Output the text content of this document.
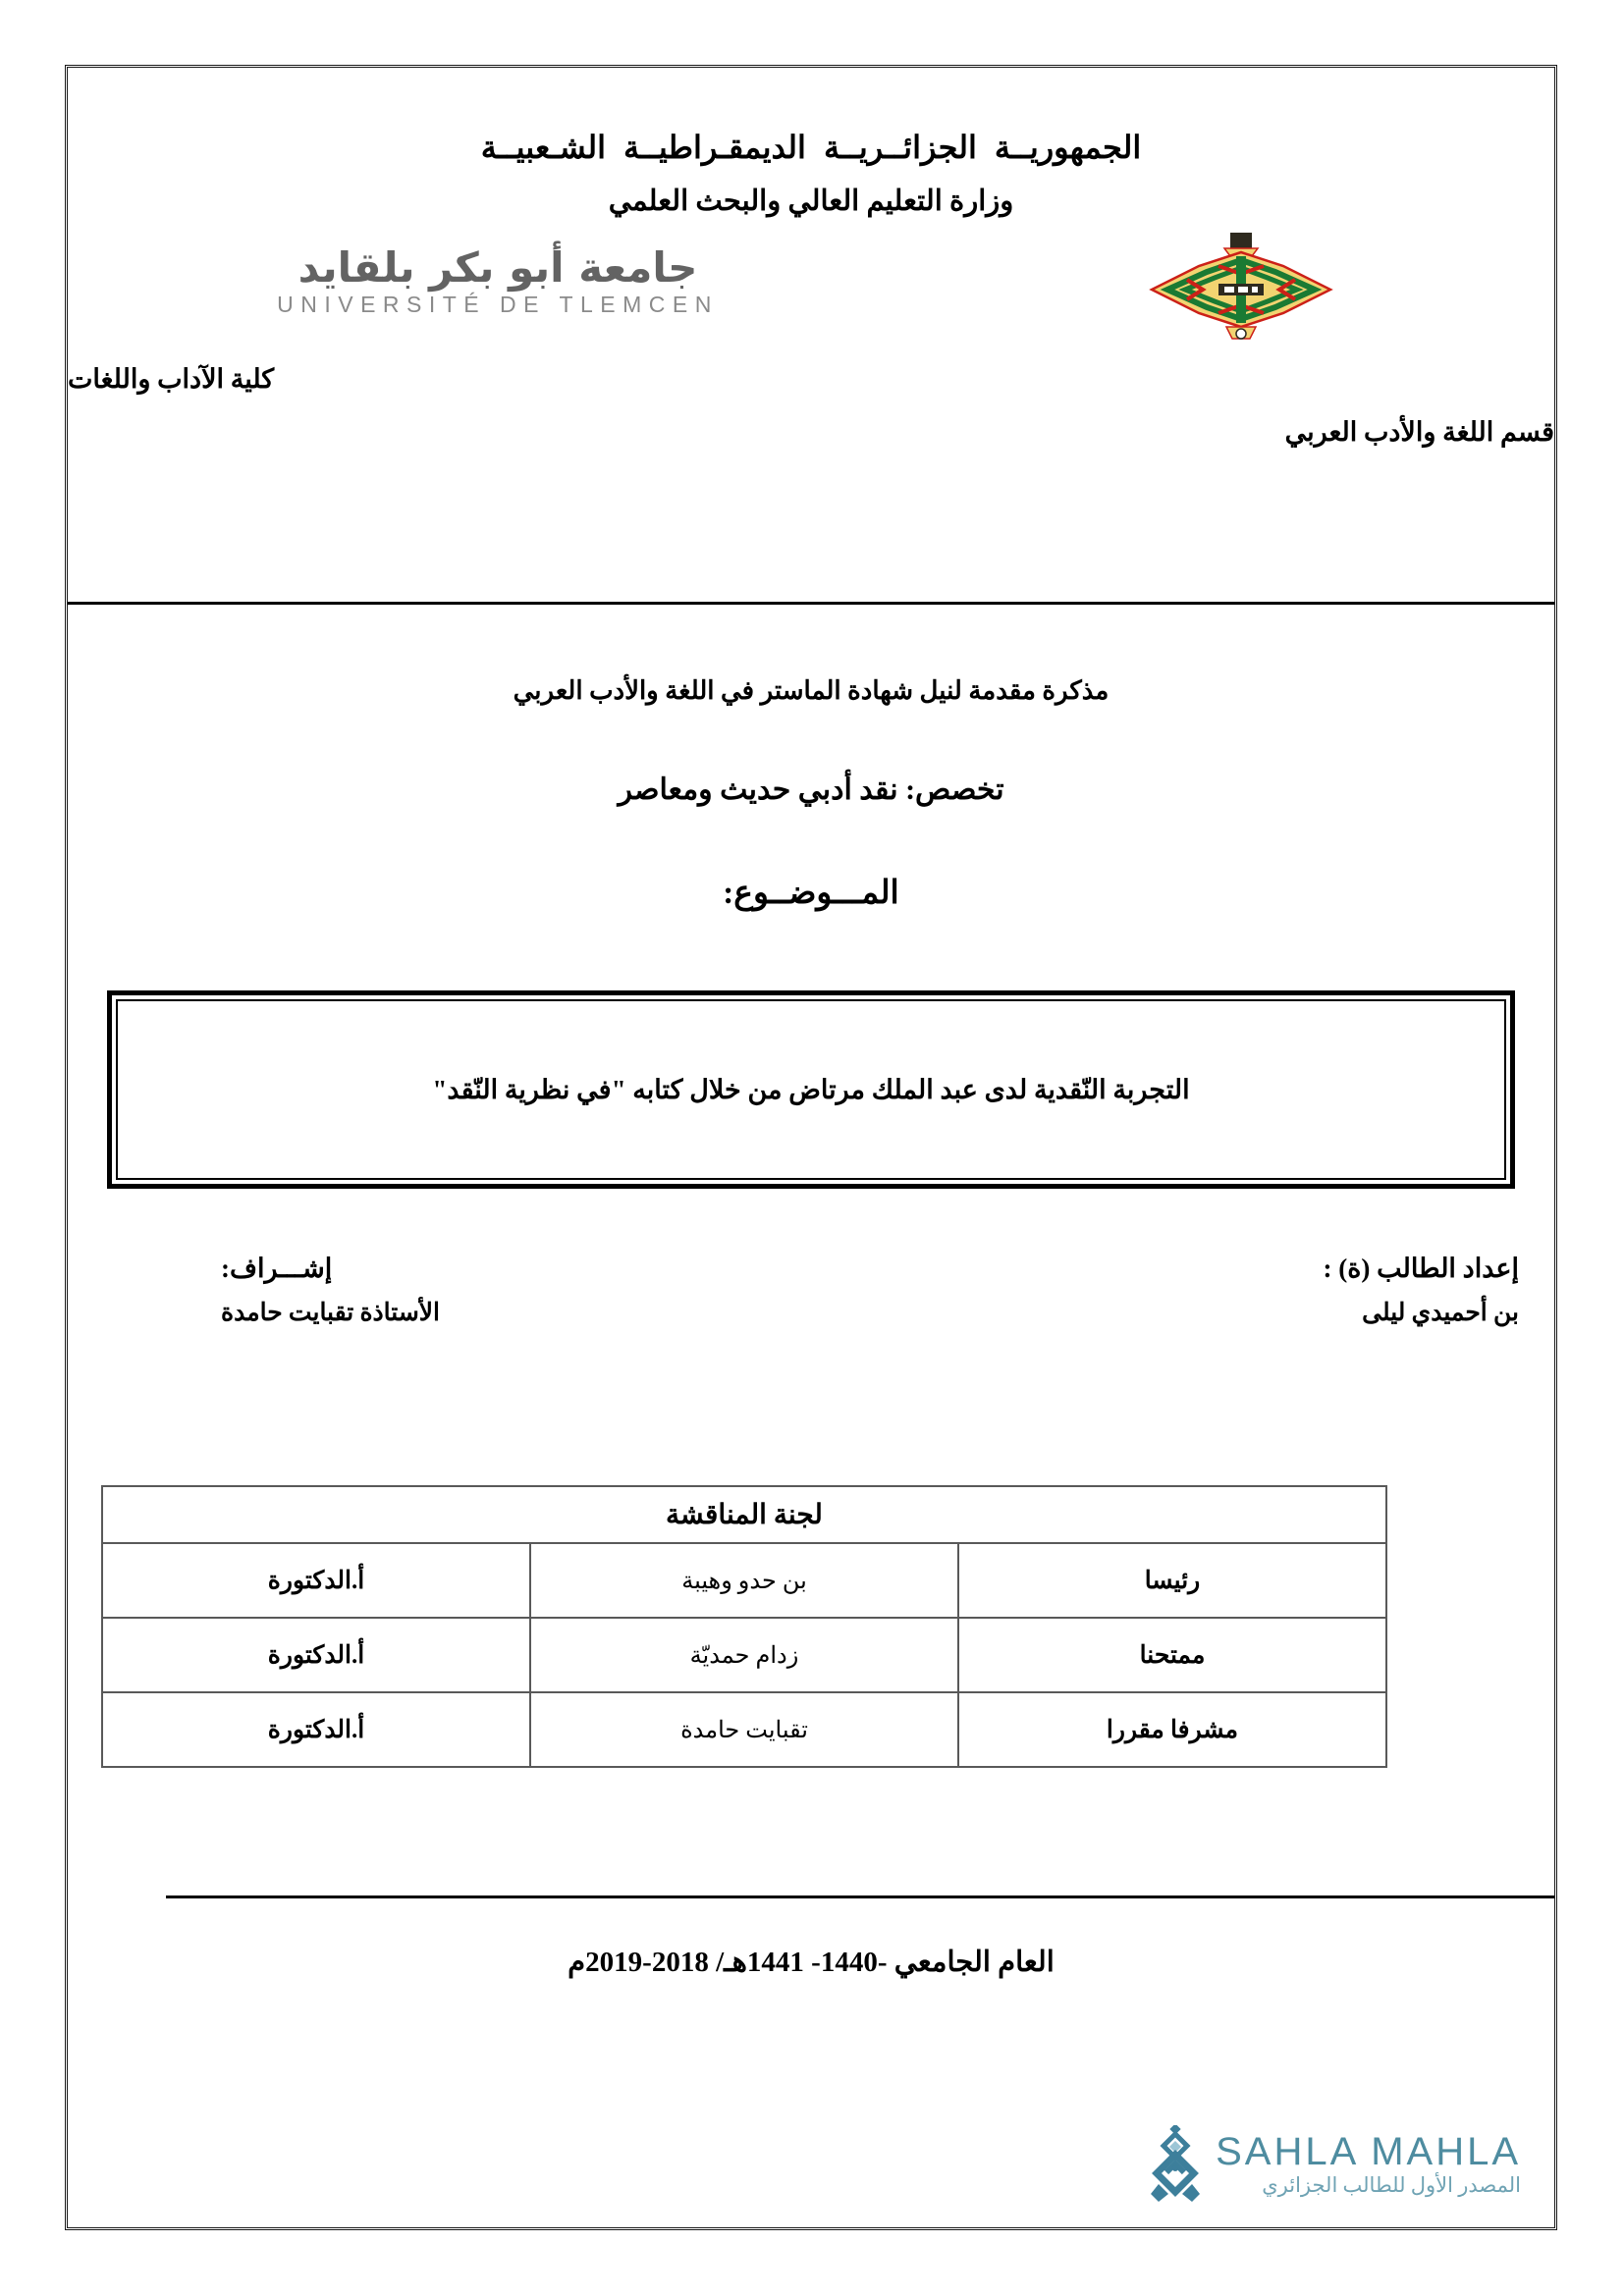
الجمهوريــة الجزائــريــة الديمقـراطيــة الشـعبيــة
وزارة التعليم العالي والبحث العلمي
جامعة أبو بكر بلقايد
UNIVERSITÉ DE TLEMCEN
كلية الآداب واللغات
قسم اللغة والأدب العربي
مذكرة مقدمة لنيل شهادة الماستر في اللغة والأدب العربي
تخصص: نقد أدبي حديث ومعاصر
المـــوضــوع:
التجربة النّقدية لدى عبد الملك مرتاض من خلال كتابه "في نظرية النّقد"
إعداد الطالب (ة) :
بن أحميدي ليلى
إشـــراف:
الأستاذة تقبايت حامدة
لجنة المناقشة		
رئيسا	بن حدو وهيبة	أ.الدكتورة
ممتحنا	زدام حمديّة	أ.الدكتورة
مشرفا مقررا	تقبايت حامدة	أ.الدكتورة
العام الجامعي -1440- 1441هـ/ 2018-2019م
SAHLA MAHLA
المصدر الأول للطالب الجزائري
